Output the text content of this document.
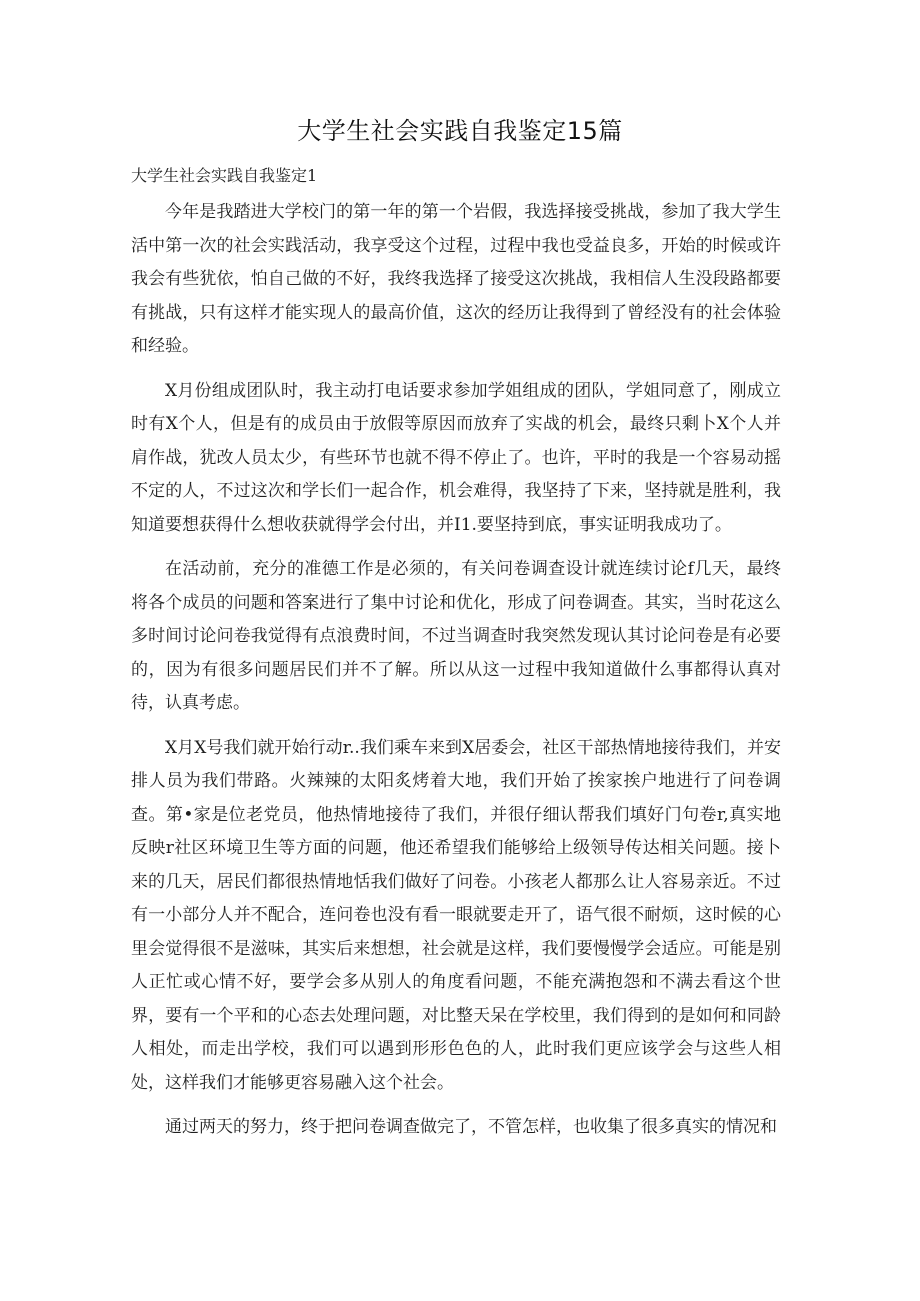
大学生社会实践自我鉴定15篇
大学生社会实践自我鉴定1

今年是我踏进大学校门的第一年的第一个岩假，我选择接受挑战，参加了我大学生活中第一次的社会实践活动，我享受这个过程，过程中我也受益良多，开始的时候或许我会有些犹依，怕自己做的不好，我终我选择了接受这次挑战，我相信人生没段路都要有挑战，只有这样才能实现人的最高价值，这次的经历让我得到了曾经没有的社会体验和经验。

X月份组成团队时，我主动打电话要求参加学姐组成的团队，学姐同意了，刚成立时有X个人，但是有的成员由于放假等原因而放弃了实战的机会，最终只剩卜X个人并肩作战，犹改人员太少，有些环节也就不得不停止了。也许，平时的我是一个容易动摇不定的人，不过这次和学长们一起合作，机会难得，我坚持了下来，坚持就是胜利，我知道要想获得什么想收获就得学会付出，并I1.要坚持到底，事实证明我成功了。

在活动前，充分的准德工作是必须的，有关问卷调查设计就连续讨论f几天，最终将各个成员的问题和答案进行了集中讨论和优化，形成了问卷调查。其实，当时花这么多时间讨论问卷我觉得有点浪费时间，不过当调查时我突然发现认其讨论问卷是有必要的，因为有很多问题居民们并不了解。所以从这一过程中我知道做什么事都得认真对待，认真考虑。

X月X号我们就开始行动r..我们乘车来到X居委会，社区干部热情地接待我们，并安排人员为我们带路。火辣辣的太阳炙烤着大地，我们开始了挨家挨户地进行了问卷调查。第•家是位老党员，他热情地接待了我们，并很仔细认帮我们填好门句卷r,真实地反映r社区环境卫生等方面的问题，他还希望我们能够给上级领导传达相关问题。接卜来的几天，居民们都很热情地恬我们做好了问卷。小孩老人都那么让人容易亲近。不过有一小部分人并不配合，连问卷也没有看一眼就要走开了，语气很不耐烦，这时候的心里会觉得很不是滋味，其实后来想想，社会就是这样，我们要慢慢学会适应。可能是别人正忙或心情不好，要学会多从别人的角度看问题，不能充满抱怨和不满去看这个世界，要有一个平和的心态去处理问题，对比整天呆在学校里，我们得到的是如何和同龄人相处，而走出学校，我们可以遇到形形色色的人，此时我们更应该学会与这些人相处，这样我们才能够更容易融入这个社会。

通过两天的努力，终于把问卷调查做完了，不管怎样，也收集了很多真实的情况和
